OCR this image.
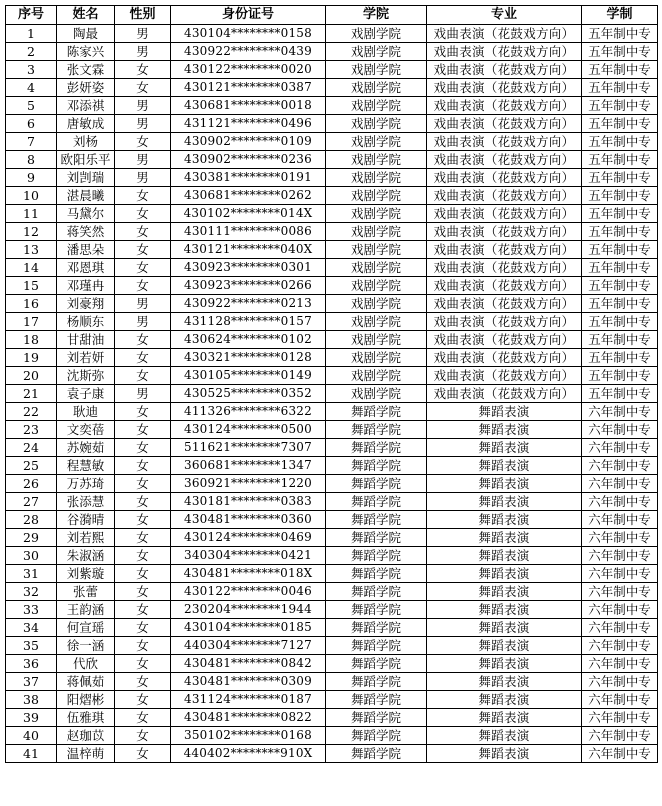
序号	姓名	性别	身份证号	学院	专业	学制
1	陶最	男	430104********0158	戏剧学院	戏曲表演（花鼓戏方向）	五年制中专
2	陈家兴	男	430922********0439	戏剧学院	戏曲表演（花鼓戏方向）	五年制中专
3	张文霖	女	430122********0020	戏剧学院	戏曲表演（花鼓戏方向）	五年制中专
4	彭妍姿	女	430121********0387	戏剧学院	戏曲表演（花鼓戏方向）	五年制中专
5	邓添祺	男	430681********0018	戏剧学院	戏曲表演（花鼓戏方向）	五年制中专
6	唐敏成	男	431121********0496	戏剧学院	戏曲表演（花鼓戏方向）	五年制中专
7	刘杨	女	430902********0109	戏剧学院	戏曲表演（花鼓戏方向）	五年制中专
8	欧阳乐平	男	430902********0236	戏剧学院	戏曲表演（花鼓戏方向）	五年制中专
9	刘剀瑞	男	430381********0191	戏剧学院	戏曲表演（花鼓戏方向）	五年制中专
10	湛晨曦	女	430681********0262	戏剧学院	戏曲表演（花鼓戏方向）	五年制中专
11	马黛尔	女	430102********014X	戏剧学院	戏曲表演（花鼓戏方向）	五年制中专
12	蒋笑然	女	430111********0086	戏剧学院	戏曲表演（花鼓戏方向）	五年制中专
13	潘思朵	女	430121********040X	戏剧学院	戏曲表演（花鼓戏方向）	五年制中专
14	邓恩琪	女	430923********0301	戏剧学院	戏曲表演（花鼓戏方向）	五年制中专
15	邓瑾冉	女	430923********0266	戏剧学院	戏曲表演（花鼓戏方向）	五年制中专
16	刘豪翔	男	430922********0213	戏剧学院	戏曲表演（花鼓戏方向）	五年制中专
17	杨顺东	男	431128********0157	戏剧学院	戏曲表演（花鼓戏方向）	五年制中专
18	甘甜油	女	430624********0102	戏剧学院	戏曲表演（花鼓戏方向）	五年制中专
19	刘若妍	女	430321********0128	戏剧学院	戏曲表演（花鼓戏方向）	五年制中专
20	沈斯弥	女	430105********0149	戏剧学院	戏曲表演（花鼓戏方向）	五年制中专
21	袁子康	男	430525********0352	戏剧学院	戏曲表演（花鼓戏方向）	五年制中专
22	耿迪	女	411326********6322	舞蹈学院	舞蹈表演	六年制中专
23	文奕蓓	女	430124********0500	舞蹈学院	舞蹈表演	六年制中专
24	苏婉茹	女	511621********7307	舞蹈学院	舞蹈表演	六年制中专
25	程慧敏	女	360681********1347	舞蹈学院	舞蹈表演	六年制中专
26	万苏琦	女	360921********1220	舞蹈学院	舞蹈表演	六年制中专
27	张添慧	女	430181********0383	舞蹈学院	舞蹈表演	六年制中专
28	谷漪晴	女	430481********0360	舞蹈学院	舞蹈表演	六年制中专
29	刘若熙	女	430124********0469	舞蹈学院	舞蹈表演	六年制中专
30	朱淑涵	女	340304********0421	舞蹈学院	舞蹈表演	六年制中专
31	刘紫璇	女	430481********018X	舞蹈学院	舞蹈表演	六年制中专
32	张蕾	女	430122********0046	舞蹈学院	舞蹈表演	六年制中专
33	王韵涵	女	230204********1944	舞蹈学院	舞蹈表演	六年制中专
34	何宣瑶	女	430104********0185	舞蹈学院	舞蹈表演	六年制中专
35	徐一涵	女	440304********7127	舞蹈学院	舞蹈表演	六年制中专
36	代欣	女	430481********0842	舞蹈学院	舞蹈表演	六年制中专
37	蒋佩茹	女	430481********0309	舞蹈学院	舞蹈表演	六年制中专
38	阳熠彬	女	431124********0187	舞蹈学院	舞蹈表演	六年制中专
39	伍雅琪	女	430481********0822	舞蹈学院	舞蹈表演	六年制中专
40	赵珈苡	女	350102********0168	舞蹈学院	舞蹈表演	六年制中专
41	温梓萌	女	440402********910X	舞蹈学院	舞蹈表演	六年制中专
